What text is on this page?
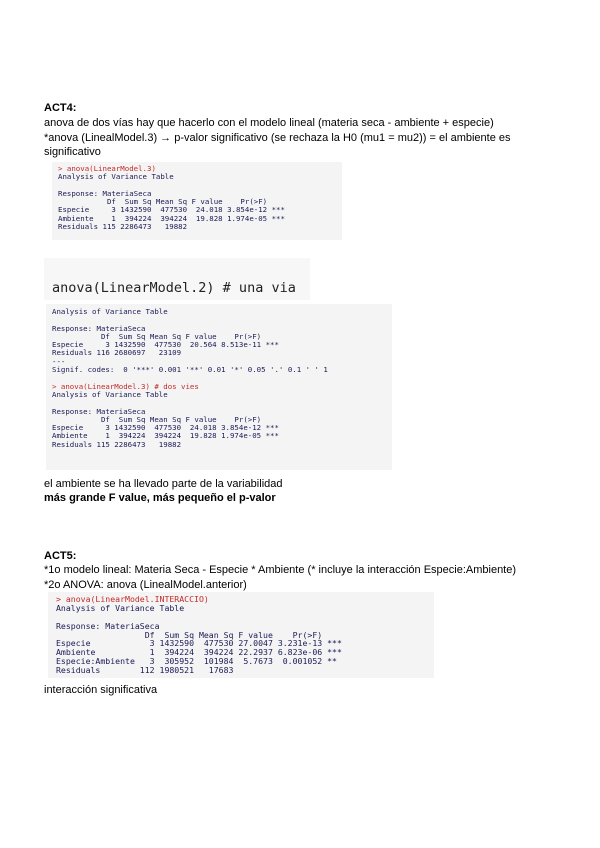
ACT4:
anova de dos vías hay que hacerlo con el modelo lineal (materia seca - ambiente + especie)
*anova (LinealModel.3) → p-valor significativo (se rechaza la H0 (mu1 = mu2)) = el ambiente es
significativo
> anova(LinearModel.3)
Analysis of Variance Table
Response: MateriaSeca
Df  Sum Sq Mean Sq F value    Pr(>F)
Especie     3 1432590  477530  24.018 3.854e-12 ***
Ambiente    1  394224  394224  19.828 1.974e-05 ***
Residuals 115 2286473   19882

anova(LinearModel.2) # una via

Analysis of Variance Table
Response: MateriaSeca
Df  Sum Sq Mean Sq F value    Pr(>F)
Especie     3 1432590  477530  20.564 8.513e-11 ***
Residuals 116 2680697   23109
---
Signif. codes:  0 '***' 0.001 '**' 0.01 '*' 0.05 '.' 0.1 ' ' 1
> anova(LinearModel.3) # dos vies
Analysis of Variance Table
Response: MateriaSeca
Df  Sum Sq Mean Sq F value    Pr(>F)
Especie     3 1432590  477530  24.018 3.854e-12 ***
Ambiente    1  394224  394224  19.828 1.974e-05 ***
Residuals 115 2286473   19882
el ambiente se ha llevado parte de la variabilidad
más grande F value, más pequeño el p-valor
ACT5:
*1o modelo lineal: Materia Seca - Especie * Ambiente (* incluye la interacción Especie:Ambiente)
*2o ANOVA: anova (LinealModel.anterior)
> anova(LinearModel.INTERACCIO)
Analysis of Variance Table
Response: MateriaSeca
Df  Sum Sq Mean Sq F value    Pr(>F)
Especie            3 1432590  477530 27.0047 3.231e-13 ***
Ambiente           1  394224  394224 22.2937 6.823e-06 ***
Especie:Ambiente   3  305952  101984  5.7673  0.001052 **
Residuals        112 1980521   17683
interacción significativa
